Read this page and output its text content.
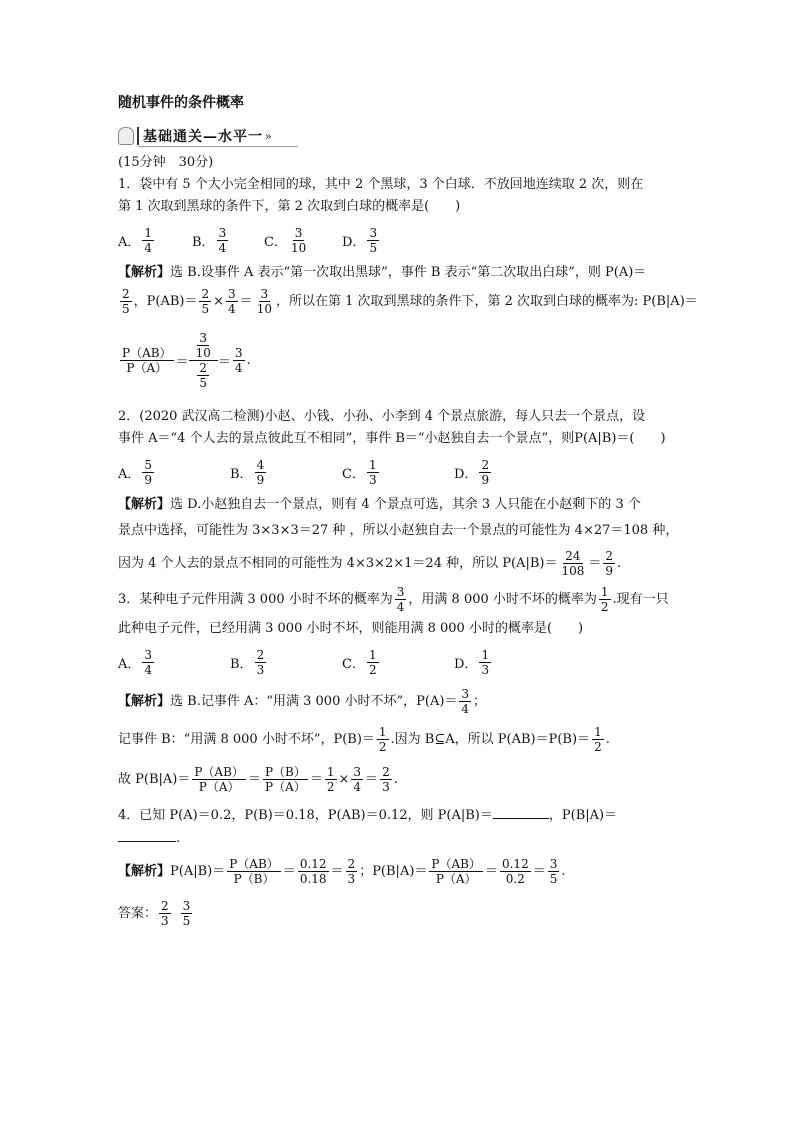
随机事件的条件概率
基础通关—水平一 »
(15分钟　30分)
1．袋中有 5 个大小完全相同的球，其中 2 个黑球，3 个白球．不放回地连续取 2 次，则在
第 1 次取到黑球的条件下，第 2 次取到白球的概率是(　　)
A． $\frac{1}{4}$	B． $\frac{3}{4}$	C． $\frac{3}{10}$	D． $\frac{3}{5}$
【解析】选 B.设事件 A 表示“第一次取出黑球”，事件 B 表示“第二次取出白球”，则 P(A)＝
$\frac{2}{5}$ ，$P(AB)= \frac{2}{5} \times \frac{3}{4} = \frac{3}{10}$ ，所以在第 1 次取到黑球的条件下，第 2 次取到白球的概率为: P(B|A)＝
$\frac{P(AB)}{P(A)} = \frac{\frac{3}{10}}{\frac{2}{5}} = \frac{3}{4}$ .
2．(2020 武汉高二检测)小赵、小钱、小孙、小李到 4 个景点旅游，每人只去一个景点，设
事件 A＝“4 个人去的景点彼此互不相同”，事件 B＝“小赵独自去一个景点”，则P(A|B)＝(　　)
A． $\frac{5}{9}$	B． $\frac{4}{9}$	C． $\frac{1}{3}$	D． $\frac{2}{9}$
【解析】选 D.小赵独自去一个景点，则有 4 个景点可选，其余 3 人只能在小赵剩下的 3 个
景点中选择，可能性为 3×3×3＝27 种 ，所以小赵独自去一个景点的可能性为 4×27＝108 种，
因为 4 个人去的景点不相同的可能性为 4×3×2×1＝24 种，所以 $P(A|B)= \frac{24}{108} = \frac{2}{9}$ .
3．某种电子元件用满 3 000 小时不坏的概率为 $\frac{3}{4}$ ，用满 8 000 小时不坏的概率为 $\frac{1}{2}$ .现有一只
此种电子元件，已经用满 3 000 小时不坏，则能用满 8 000 小时的概率是(　　)
A． $\frac{3}{4}$	B． $\frac{2}{3}$	C． $\frac{1}{2}$	D． $\frac{1}{3}$
【解析】选 B.记事件 A：“用满 3 000 小时不坏”，$P(A)= \frac{3}{4}$ ；
记事件 B：“用满 8 000 小时不坏”，$P(B)= \frac{1}{2}$ .因为 B⊆A，所以 $P(AB)=P(B)= \frac{1}{2}$ .
故 $P(B|A)= \frac{P(AB)}{P(A)} = \frac{P(B)}{P(A)} = \frac{1}{2} \times \frac{3}{4} = \frac{2}{3}$ .
4．已知 P(A)＝0.2，P(B)＝0.18，P(AB)＝0.12，则 P(A|B)＝	，P(B|A)＝
.
【解析】$P(A|B)= \frac{P(AB)}{P(B)} = \frac{0.12}{0.18} = \frac{2}{3}$ ；$P(B|A)= \frac{P(AB)}{P(A)} = \frac{0.12}{0.2} = \frac{3}{5}$ .
答案： $\frac{2}{3} \frac{3}{5}$
